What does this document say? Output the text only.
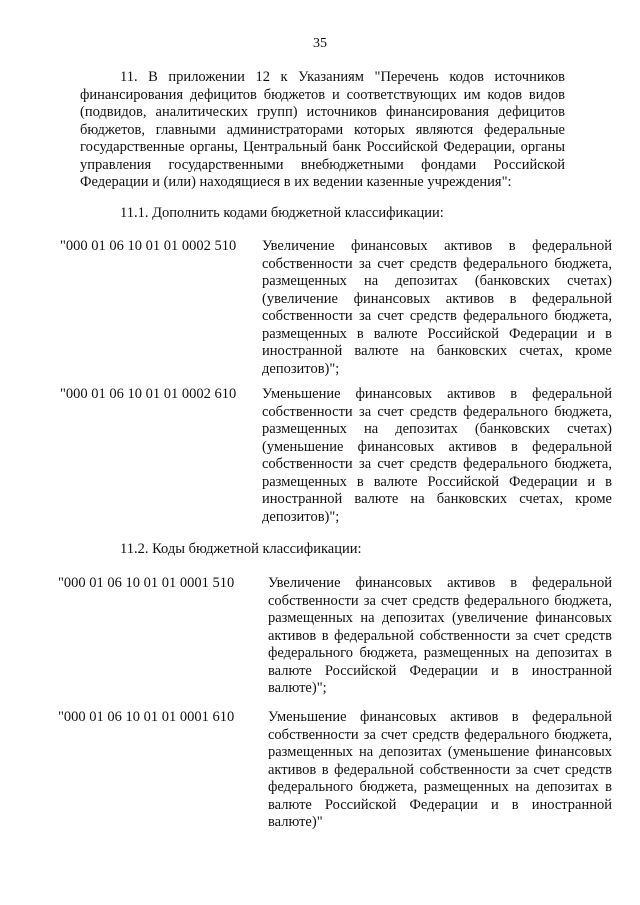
35
11. В приложении 12 к Указаниям "Перечень кодов источников финансирования дефицитов бюджетов и соответствующих им кодов видов (подвидов, аналитических групп) источников финансирования дефицитов бюджетов, главными администраторами которых являются федеральные государственные органы, Центральный банк Российской Федерации, органы управления государственными внебюджетными фондами Российской Федерации и (или) находящиеся в их ведении казенные учреждения":
11.1. Дополнить кодами бюджетной классификации:
"000 01 06 10 01 01 0002 510 Увеличение финансовых активов в федеральной собственности за счет средств федерального бюджета, размещенных на депозитах (банковских счетах) (увеличение финансовых активов в федеральной собственности за счет средств федерального бюджета, размещенных в валюте Российской Федерации и в иностранной валюте на банковских счетах, кроме депозитов)";
"000 01 06 10 01 01 0002 610 Уменьшение финансовых активов в федеральной собственности за счет средств федерального бюджета, размещенных на депозитах (банковских счетах) (уменьшение финансовых активов в федеральной собственности за счет средств федерального бюджета, размещенных в валюте Российской Федерации и в иностранной валюте на банковских счетах, кроме депозитов)";
11.2. Коды бюджетной классификации:
"000 01 06 10 01 01 0001 510 Увеличение финансовых активов в федеральной собственности за счет средств федерального бюджета, размещенных на депозитах (увеличение финансовых активов в федеральной собственности за счет средств федерального бюджета, размещенных на депозитах в валюте Российской Федерации и в иностранной валюте)";
"000 01 06 10 01 01 0001 610 Уменьшение финансовых активов в федеральной собственности за счет средств федерального бюджета, размещенных на депозитах (уменьшение финансовых активов в федеральной собственности за счет средств федерального бюджета, размещенных на депозитах в валюте Российской Федерации и в иностранной валюте)"
